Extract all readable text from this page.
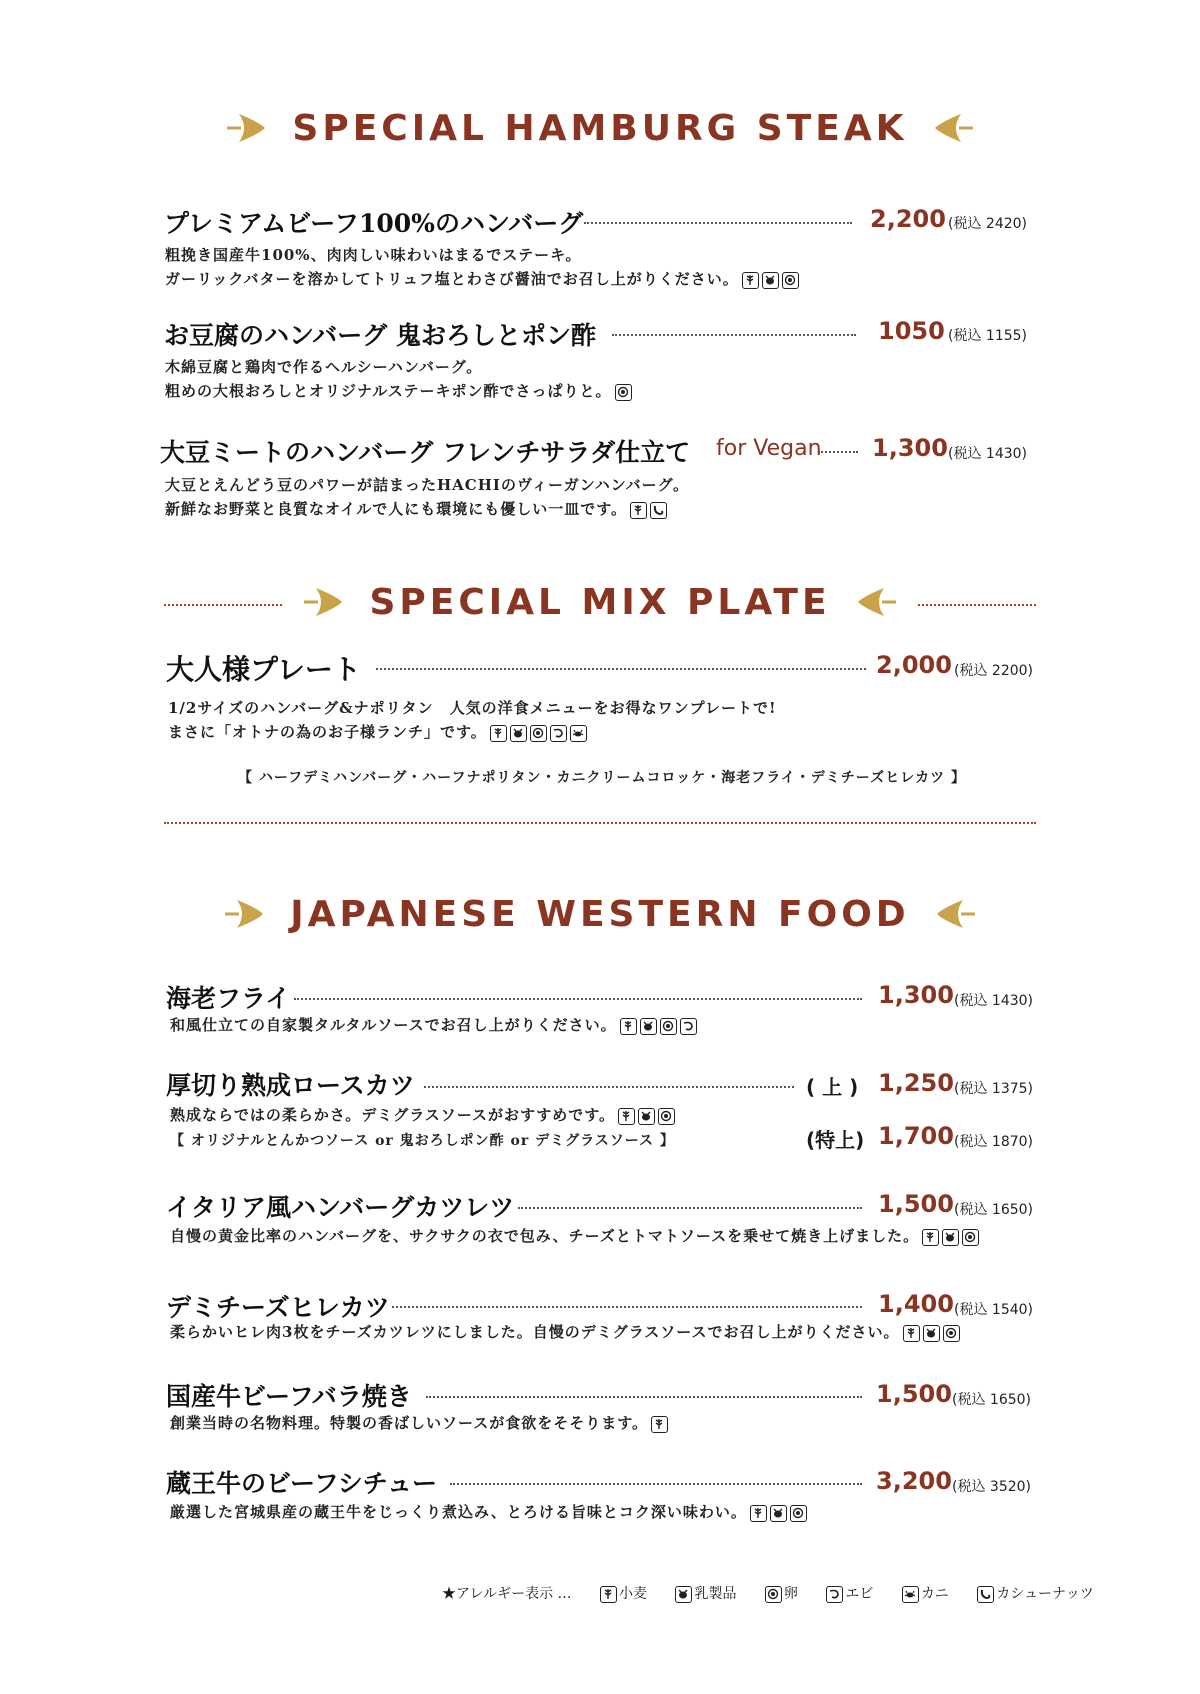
SPECIAL HAMBURG STEAK
プレミアムビーフ100%のハンバーグ	2,200 (税込 2420)
粗挽き国産牛100%、肉肉しい味わいはまるでステーキ。
ガーリックバターを溶かしてトリュフ塩とわさび醤油でお召し上がりください。
お豆腐のハンバーグ 鬼おろしとポン酢	1050 (税込 1155)
木綿豆腐と鶏肉で作るヘルシーハンバーグ。
粗めの大根おろしとオリジナルステーキポン酢でさっぱりと。
大豆ミートのハンバーグ フレンチサラダ仕立て for Vegan 1,300 (税込 1430)
大豆とえんどう豆のパワーが詰まったHACHIのヴィーガンハンバーグ。
新鮮なお野菜と良質なオイルで人にも環境にも優しい一皿です。
SPECIAL MIX PLATE
大人様プレート	2,000 (税込 2200)
1/2サイズのハンバーグ&ナポリタン　人気の洋食メニューをお得なワンプレートで!
まさに「オトナの為のお子様ランチ」です。
【 ハーフデミハンバーグ・ハーフナポリタン・カニクリームコロッケ・海老フライ・デミチーズヒレカツ 】
JAPANESE WESTERN FOOD
海老フライ	1,300 (税込 1430)
和風仕立ての自家製タルタルソースでお召し上がりください。
厚切り熟成ロースカツ	( 上 ) 1,250 (税込 1375)
熟成ならではの柔らかさ。デミグラスソースがおすすめです。
【 オリジナルとんかつソース or 鬼おろしポン酢 or デミグラスソース 】	(特上) 1,700 (税込 1870)
イタリア風ハンバーグカツレツ	1,500 (税込 1650)
自慢の黄金比率のハンバーグを、サクサクの衣で包み、チーズとトマトソースを乗せて焼き上げました。
デミチーズヒレカツ	1,400 (税込 1540)
柔らかいヒレ肉3枚をチーズカツレツにしました。自慢のデミグラスソースでお召し上がりください。
国産牛ビーフバラ焼き	1,500 (税込 1650)
創業当時の名物料理。特製の香ばしいソースが食欲をそそります。
蔵王牛のビーフシチュー	3,200 (税込 3520)
厳選した宮城県産の蔵王牛をじっくり煮込み、とろける旨味とコク深い味わい。
★アレルギー表示 …	小麦	乳製品	卵	エビ	カニ	カシューナッツ
